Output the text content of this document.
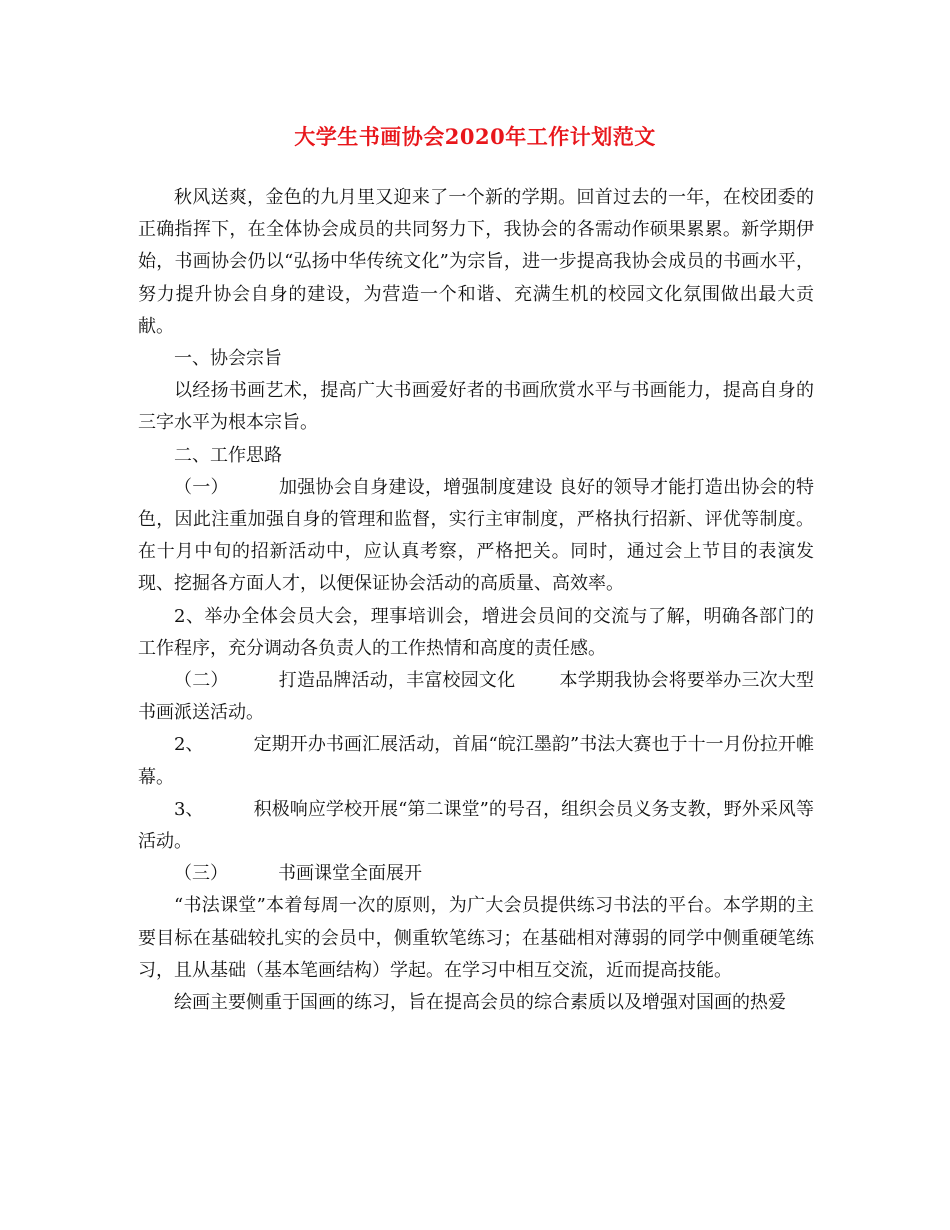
大学生书画协会2020年工作计划范文

秋风送爽，金色的九月里又迎来了一个新的学期。回首过去的一年，在校团委的正确指挥下，在全体协会成员的共同努力下，我协会的各需动作硕果累累。新学期伊始，书画协会仍以“弘扬中华传统文化”为宗旨，进一步提高我协会成员的书画水平，努力提升协会自身的建设，为营造一个和谐、充满生机的校园文化氛围做出最大贡献。

一、协会宗旨

以经扬书画艺术，提高广大书画爱好者的书画欣赏水平与书画能力，提高自身的三字水平为根本宗旨。

二、工作思路

（一）	加强协会自身建设，增强制度建设 良好的领导才能打造出协会的特色，因此注重加强自身的管理和监督，实行主审制度，严格执行招新、评优等制度。在十月中旬的招新活动中，应认真考察，严格把关。同时，通过会上节目的表演发现、挖掘各方面人才，以便保证协会活动的高质量、高效率。

2、举办全体会员大会，理事培训会，增进会员间的交流与了解，明确各部门的工作程序，充分调动各负责人的工作热情和高度的责任感。

（二）	打造品牌活动，丰富校园文化 本学期我协会将要举办三次大型书画派送活动。

2、	定期开办书画汇展活动，首届“皖江墨韵”书法大赛也于十一月份拉开帷幕。

3、	积极响应学校开展“第二课堂”的号召，组织会员义务支教，野外采风等活动。

（三）	书画课堂全面展开

“书法课堂”本着每周一次的原则，为广大会员提供练习书法的平台。本学期的主要目标在基础较扎实的会员中，侧重软笔练习；在基础相对薄弱的同学中侧重硬笔练习，且从基础（基本笔画结构）学起。在学习中相互交流，近而提高技能。

绘画主要侧重于国画的练习，旨在提高会员的综合素质以及增强对国画的热爱
